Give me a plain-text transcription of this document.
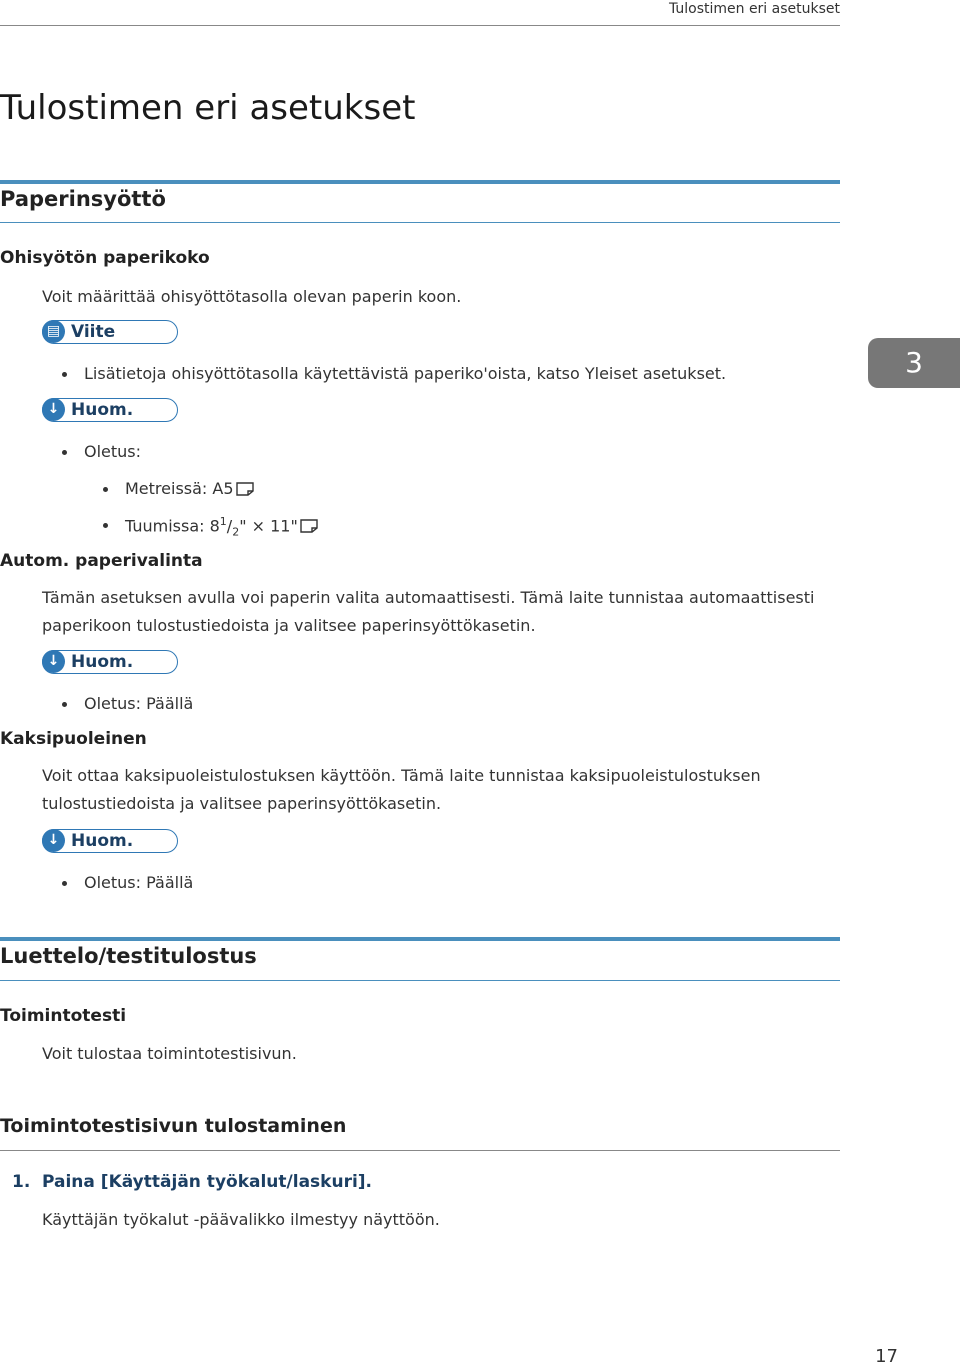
Tulostimen eri asetukset
Tulostimen eri asetukset
3
Paperinsyöttö
Ohisyötön paperikoko
Voit määrittää ohisyöttötasolla olevan paperin koon.
▤ Viite
Lisätietoja ohisyöttötasolla käytettävistä paperiko'oista, katso Yleiset asetukset.
↓ Huom.
Oletus:
Metreissä: A5
Tuumissa: $8^1/_2$" × 11"
Autom. paperivalinta
Tämän asetuksen avulla voi paperin valita automaattisesti. Tämä laite tunnistaa automaattisesti paperikoon tulostustiedoista ja valitsee paperinsyöttökasetin.
↓ Huom.
Oletus: Päällä
Kaksipuoleinen
Voit ottaa kaksipuoleistulostuksen käyttöön. Tämä laite tunnistaa kaksipuoleistulostuksen tulostustiedoista ja valitsee paperinsyöttökasetin.
↓ Huom.
Oletus: Päällä
Luettelo/testitulostus
Toimintotesti
Voit tulostaa toimintotestisivun.
Toimintotestisivun tulostaminen
1. Paina [Käyttäjän työkalut/laskuri].
Käyttäjän työkalut -päävalikko ilmestyy näyttöön.
17
